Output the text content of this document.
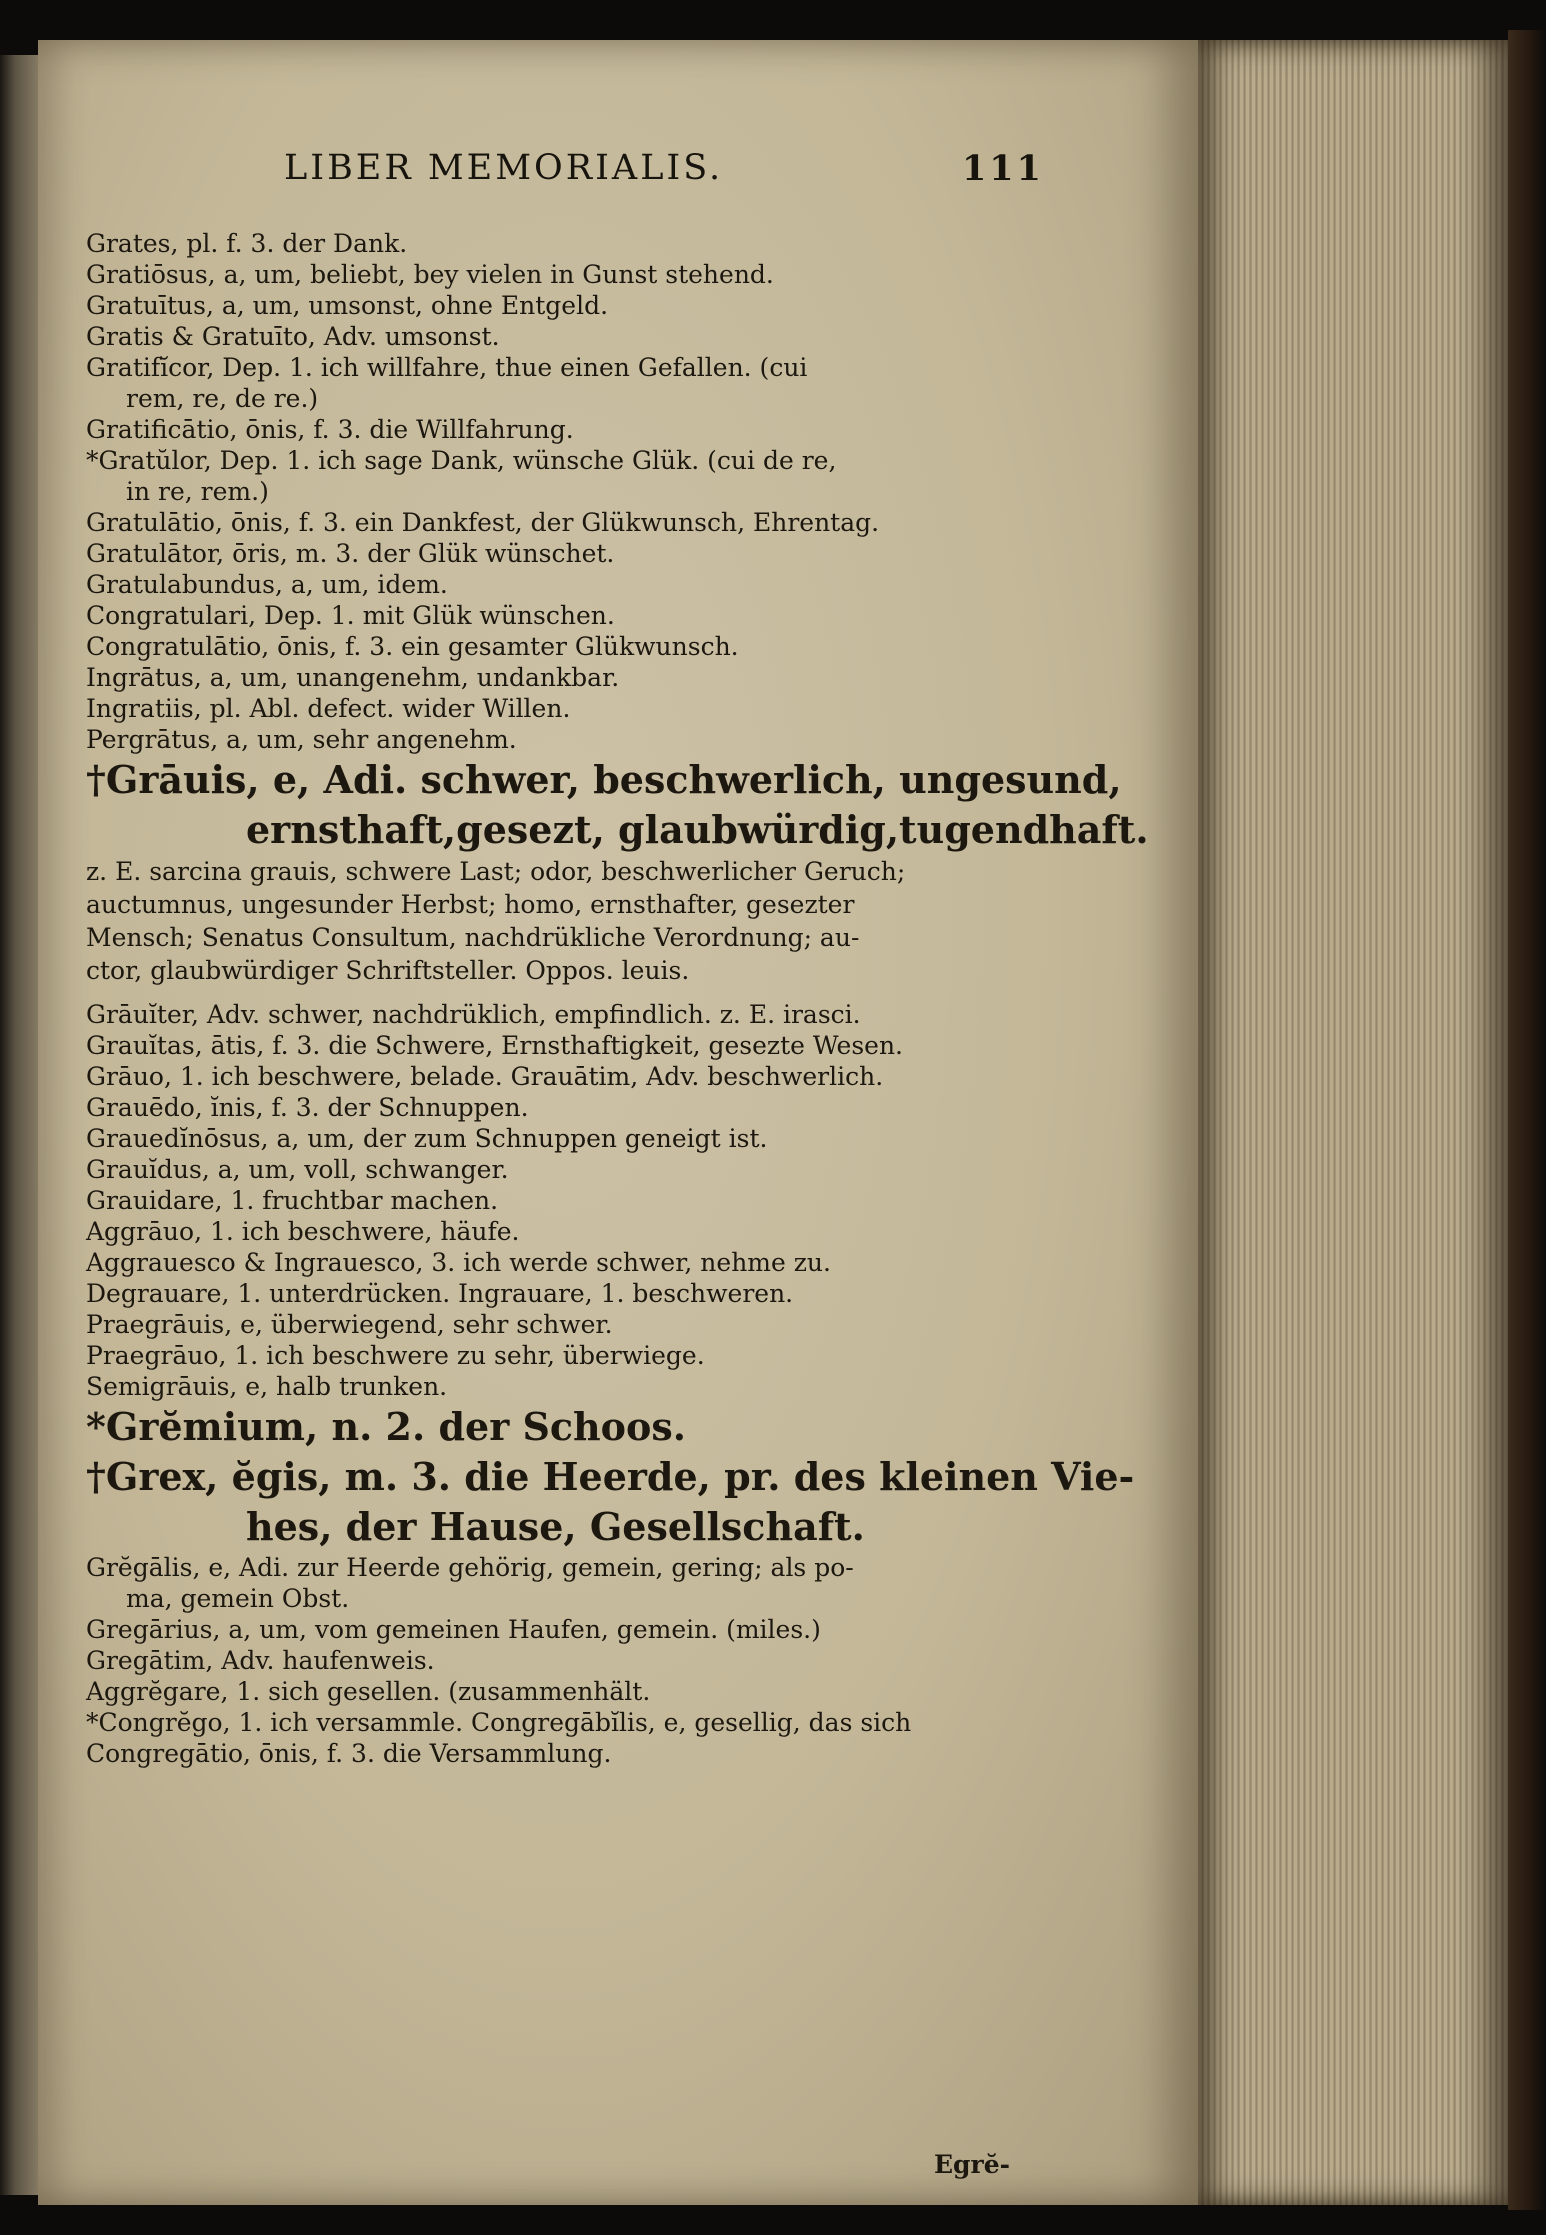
LIBER MEMORIALIS.	111
Grates, pl. f. 3. der Dank.
Gratiōsus, a, um, beliebt, bey vielen in Gunst stehend.
Gratuītus, a, um, umsonst, ohne Entgeld.
Gratis & Gratuīto, Adv. umsonst.
Gratifĭcor, Dep. 1. ich willfahre, thue einen Gefallen. (cui
rem, re, de re.)
Gratificātio, ōnis, f. 3. die Willfahrung.
*Gratŭlor, Dep. 1. ich sage Dank, wünsche Glük. (cui de re,
in re, rem.)
Gratulātio, ōnis, f. 3. ein Dankfest, der Glükwunsch, Ehrentag.
Gratulātor, ōris, m. 3. der Glük wünschet.
Gratulabundus, a, um, idem.
Congratulari, Dep. 1. mit Glük wünschen.
Congratulātio, ōnis, f. 3. ein gesamter Glükwunsch.
Ingrātus, a, um, unangenehm, undankbar.
Ingratiis, pl. Abl. defect. wider Willen.
Pergrātus, a, um, sehr angenehm.
†Grāuis, e, Adi. schwer, beschwerlich, ungesund,
ernsthaft,gesezt, glaubwürdig,tugendhaft.
z. E. sarcina grauis, schwere Last; odor, beschwerlicher Geruch;
auctumnus, ungesunder Herbst; homo, ernsthafter, gesezter
Mensch; Senatus Consultum, nachdrükliche Verordnung; au-
ctor, glaubwürdiger Schriftsteller. Oppos. leuis.
Grāuĭter, Adv. schwer, nachdrüklich, empfindlich. z. E. irasci.
Grauĭtas, ātis, f. 3. die Schwere, Ernsthaftigkeit, gesezte Wesen.
Grāuo, 1. ich beschwere, belade. Grauātim, Adv. beschwerlich.
Grauēdo, ĭnis, f. 3. der Schnuppen.
Grauedĭnōsus, a, um, der zum Schnuppen geneigt ist.
Grauĭdus, a, um, voll, schwanger.
Grauidare, 1. fruchtbar machen.
Aggrāuo, 1. ich beschwere, häufe.
Aggrauesco & Ingrauesco, 3. ich werde schwer, nehme zu.
Degrauare, 1. unterdrücken. Ingrauare, 1. beschweren.
Praegrāuis, e, überwiegend, sehr schwer.
Praegrāuo, 1. ich beschwere zu sehr, überwiege.
Semigrāuis, e, halb trunken.
*Grĕmium, n. 2. der Schoos.
†Grex, ĕgis, m. 3. die Heerde, pr. des kleinen Vie-
hes, der Hause, Gesellschaft.
Grĕgālis, e, Adi. zur Heerde gehörig, gemein, gering; als po-
ma, gemein Obst.
Gregārius, a, um, vom gemeinen Haufen, gemein. (miles.)
Gregātim, Adv. haufenweis.
Aggrĕgare, 1. sich gesellen. (zusammenhält.
*Congrĕgo, 1. ich versammle. Congregābĭlis, e, gesellig, das sich
Congregātio, ōnis, f. 3. die Versammlung.
Egrĕ-
